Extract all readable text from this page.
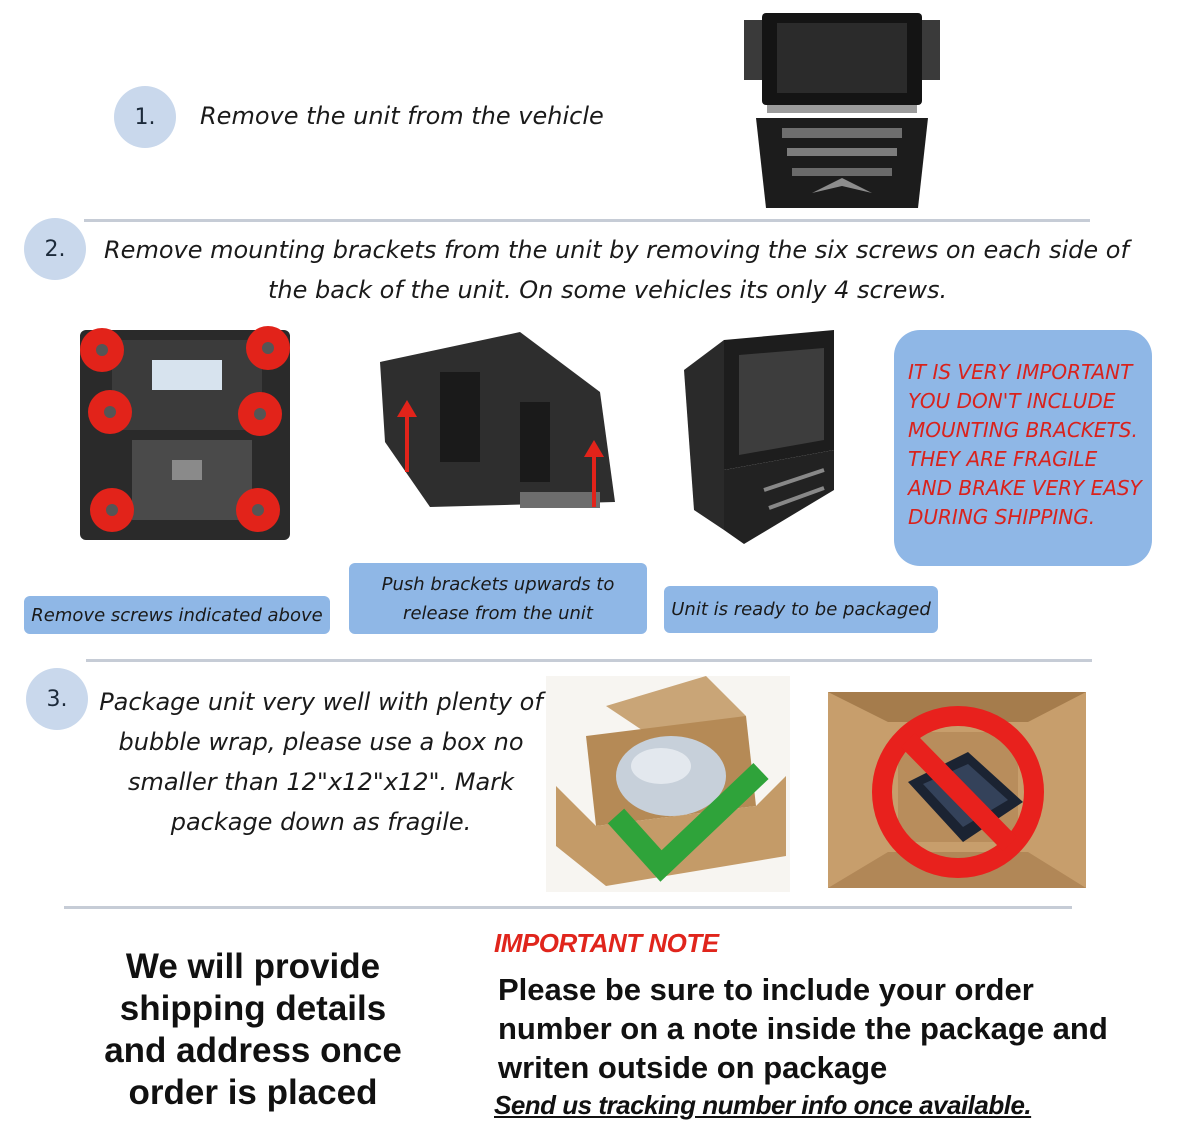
1. Remove the unit from the vehicle
2. Remove mounting brackets from the unit by removing the six screws on each side of
the back of the unit. On some vehicles its only 4 screws.
IT IS VERY IMPORTANT
YOU DON'T INCLUDE
MOUNTING BRACKETS.
THEY ARE FRAGILE
AND BRAKE VERY EASY
DURING SHIPPING.
Remove screws indicated above
Push brackets upwards to
release from the unit	Unit is ready to be packaged
3. Package unit very well with plenty of
bubble wrap, please use a box no
smaller than 12"x12"x12". Mark
package down as fragile.
We will provide
shipping details
and address once
order is placed
IMPORTANT NOTE
Please be sure to include your order
number on a note inside the package and
writen outside on package
Send us tracking number info once available.
